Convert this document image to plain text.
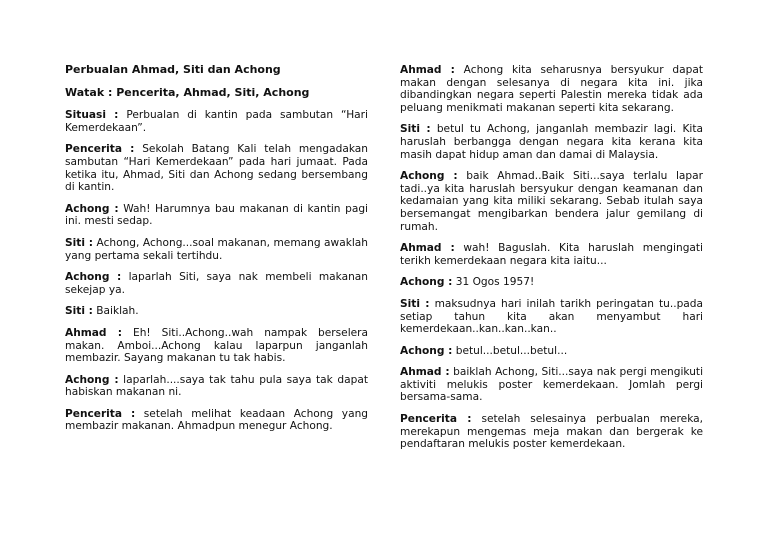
Perbualan Ahmad, Siti dan Achong
Watak : Pencerita, Ahmad, Siti, Achong
Situasi : Perbualan di kantin pada sambutan “Hari Kemerdekaan”.
Pencerita : Sekolah Batang Kali telah mengadakan sambutan “Hari Kemerdekaan” pada hari jumaat. Pada ketika itu, Ahmad, Siti dan Achong sedang bersembang di kantin.
Achong : Wah! Harumnya bau makanan di kantin pagi ini. mesti sedap.
Siti : Achong, Achong...soal makanan, memang awaklah yang pertama sekali tertihdu.
Achong : laparlah Siti, saya nak membeli makanan sekejap ya.
Siti : Baiklah.
Ahmad : Eh! Siti..Achong..wah nampak berselera makan. Amboi...Achong kalau laparpun janganlah membazir. Sayang makanan tu tak habis.
Achong : laparlah....saya tak tahu pula saya tak dapat habiskan makanan ni.
Pencerita : setelah melihat keadaan Achong yang membazir makanan. Ahmadpun menegur Achong.
Ahmad : Achong kita seharusnya bersyukur dapat makan dengan selesanya di negara kita ini. jika dibandingkan negara seperti Palestin mereka tidak ada peluang menikmati makanan seperti kita sekarang.
Siti : betul tu Achong, janganlah membazir lagi. Kita haruslah berbangga dengan negara kita kerana kita masih dapat hidup aman dan damai di Malaysia.
Achong : baik Ahmad..Baik Siti...saya terlalu lapar tadi..ya kita haruslah bersyukur dengan keamanan dan kedamaian yang kita miliki sekarang. Sebab itulah saya bersemangat mengibarkan bendera jalur gemilang di rumah.
Ahmad : wah! Baguslah. Kita haruslah mengingati terikh kemerdekaan negara kita iaitu...
Achong : 31 Ogos 1957!
Siti : maksudnya hari inilah tarikh peringatan tu..pada setiap tahun kita akan menyambut hari kemerdekaan..kan..kan..kan..
Achong : betul...betul...betul...
Ahmad : baiklah Achong, Siti...saya nak pergi mengikuti aktiviti melukis poster kemerdekaan. Jomlah pergi bersama-sama.
Pencerita : setelah selesainya perbualan mereka, merekapun mengemas meja makan dan bergerak ke pendaftaran melukis poster kemerdekaan.
